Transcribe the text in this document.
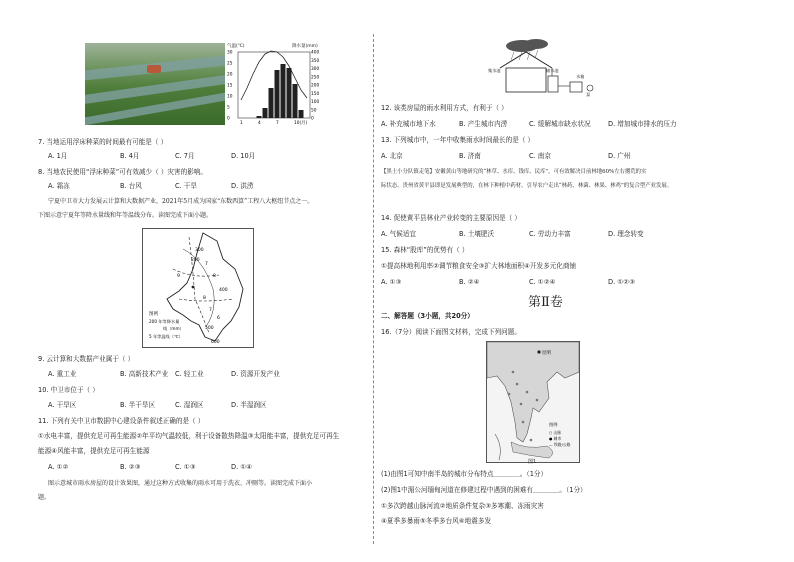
气温(℃)	降水量(mm)
30
25
20
15
10
5
0
400
350
300
250
200
150
100
50
0
1	4	7	10(月)
7. 当地运用浮床种菜的时间最有可能是（ ）
A. 1月	B. 4月	C. 7月	D. 10月
8. 当地农民使用“浮床种菜”可有效减少（ ）灾害的影响。
A. 霜冻	B. 台风	C. 干旱	D. 洪涝
宁夏中卫市大力发展云计算和大数据产业，2021年5月成为国家“东数西算”工程八大枢纽节点之一。
下图示意宁夏年等降水量线和年等温线分布。读图完成下面小题。
300
200
7
8
9
400
8
7
6
500
600
图例
200 年等降水量
线（mm）
5 年等温线（℃）
9. 云计算和大数据产业属于（ ）
A. 重工业	B. 高新技术产业 C. 轻工业	D. 资源开发产业
10. 中卫市位于（ ）
A. 干旱区	B. 半干旱区	C. 湿润区	D. 半湿润区
11. 下列有关中卫市数据中心建设条件叙述正确的是（ ）
①水电丰富，提供充足可再生能源②年平均气温较低，利于设备散热降温③太阳能丰富，提供充足可再生
能源④风能丰富，提供充足可再生能源
A. ①②	B. ②③	C. ①③	D. ①④
图示意城市雨水房屋的设计效果图，通过这种方式收集的雨水可用于洗衣、冲厕等。读图完成下面小
题。
集水池	储水池
水箱
泵
12. 该类房屋的雨水利用方式，有利于（ ）
A. 补充城市地下水	B. 产生城市内涝	C. 缓解城市缺水状况	D. 增加城市排水的压力
13. 下列城市中，一年中收集雨水时间最长的是（ ）
A. 北京	B. 济南	C. 南京	D. 广州
【黑土小分队镇走笔】安徽黄山等地研究的“林草、水库、钱库、民库”，可有效解决目前林地60%左右撂荒的实
际状态。贵州省黄平县即是发展典型的，在林下种植中药材，引导农户走出“林药、林菌、林果、林鸡”的复合型产业发展。
14. 促使黄平县林业产业转变的主要原因是（ ）
A. 气候适宜	B. 土壤肥沃	C. 劳动力丰富	D. 理念转变
15. 森林“股库”的优势有（ ）
①提高林地利用率②调节粮食安全③扩大林地面积④开发多元化商铺
A. ①③	B. ②④	C. ①②④	D. ①②③
第Ⅱ卷
二、解答题（3小题，共20分）
16.（7分）阅读下面图文材料，完成下列问题。
昆明
图例
○ 山脉
● 城市
— 铁路/公路
图1
(1)由图1可知中南半岛的城市分布特点＿＿＿＿。（1分）
(2)图1中湄公河缅甸河道在修建过程中遇到的困难有＿＿＿＿。（1分）
①多次跨越山脉河流②地质条件复杂③多寒潮、冻雨灾害
④夏季多暴雨⑤冬季多台风⑥地震多发
